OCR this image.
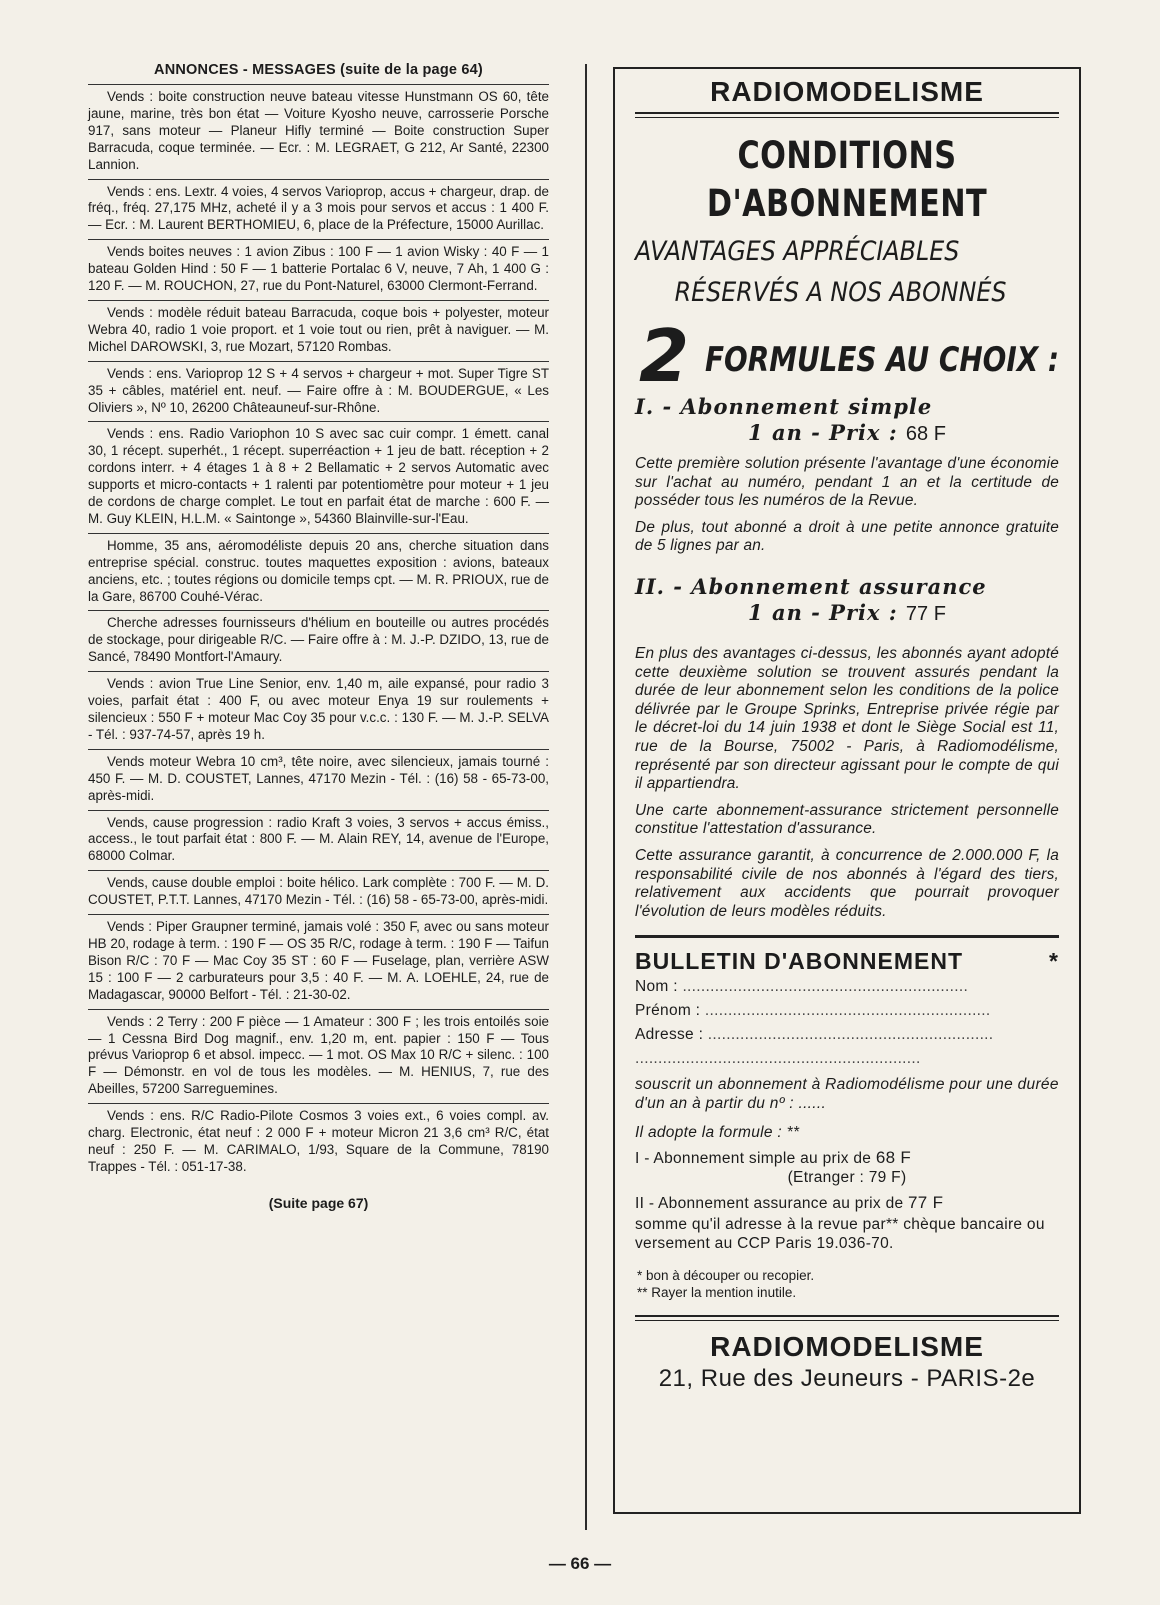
ANNONCES - MESSAGES (suite de la page 64)
Vends : boite construction neuve bateau vitesse Hunstmann OS 60, tête jaune, marine, très bon état — Voiture Kyosho neuve, carrosserie Porsche 917, sans moteur — Planeur Hifly terminé — Boite construction Super Barracuda, coque terminée. — Ecr. : M. LEGRAET, G 212, Ar Santé, 22300 Lannion.
Vends : ens. Lextr. 4 voies, 4 servos Varioprop, accus + chargeur, drap. de fréq., fréq. 27,175 MHz, acheté il y a 3 mois pour servos et accus : 1 400 F. — Ecr. : M. Laurent BERTHOMIEU, 6, place de la Préfecture, 15000 Aurillac.
Vends boites neuves : 1 avion Zibus : 100 F — 1 avion Wisky : 40 F — 1 bateau Golden Hind : 50 F — 1 batterie Portalac 6 V, neuve, 7 Ah, 1 400 G : 120 F. — M. ROUCHON, 27, rue du Pont-Naturel, 63000 Clermont-Ferrand.
Vends : modèle réduit bateau Barracuda, coque bois + polyester, moteur Webra 40, radio 1 voie proport. et 1 voie tout ou rien, prêt à naviguer. — M. Michel DAROWSKI, 3, rue Mozart, 57120 Rombas.
Vends : ens. Varioprop 12 S + 4 servos + chargeur + mot. Super Tigre ST 35 + câbles, matériel ent. neuf. — Faire offre à : M. BOUDERGUE, « Les Oliviers », Nº 10, 26200 Châteauneuf-sur-Rhône.
Vends : ens. Radio Variophon 10 S avec sac cuir compr. 1 émett. canal 30, 1 récept. superhét., 1 récept. superréaction + 1 jeu de batt. réception + 2 cordons interr. + 4 étages 1 à 8 + 2 Bellamatic + 2 servos Automatic avec supports et micro-contacts + 1 ralenti par potentiomètre pour moteur + 1 jeu de cordons de charge complet. Le tout en parfait état de marche : 600 F. — M. Guy KLEIN, H.L.M. « Saintonge », 54360 Blainville-sur-l'Eau.
Homme, 35 ans, aéromodéliste depuis 20 ans, cherche situation dans entreprise spécial. construc. toutes maquettes exposition : avions, bateaux anciens, etc. ; toutes régions ou domicile temps cpt. — M. R. PRIOUX, rue de la Gare, 86700 Couhé-Vérac.
Cherche adresses fournisseurs d'hélium en bouteille ou autres procédés de stockage, pour dirigeable R/C. — Faire offre à : M. J.-P. DZIDO, 13, rue de Sancé, 78490 Montfort-l'Amaury.
Vends : avion True Line Senior, env. 1,40 m, aile expansé, pour radio 3 voies, parfait état : 400 F, ou avec moteur Enya 19 sur roulements + silencieux : 550 F + moteur Mac Coy 35 pour v.c.c. : 130 F. — M. J.-P. SELVA - Tél. : 937-74-57, après 19 h.
Vends moteur Webra 10 cm³, tête noire, avec silencieux, jamais tourné : 450 F. — M. D. COUSTET, Lannes, 47170 Mezin - Tél. : (16) 58 - 65-73-00, après-midi.
Vends, cause progression : radio Kraft 3 voies, 3 servos + accus émiss., access., le tout parfait état : 800 F. — M. Alain REY, 14, avenue de l'Europe, 68000 Colmar.
Vends, cause double emploi : boite hélico. Lark complète : 700 F. — M. D. COUSTET, P.T.T. Lannes, 47170 Mezin - Tél. : (16) 58 - 65-73-00, après-midi.
Vends : Piper Graupner terminé, jamais volé : 350 F, avec ou sans moteur HB 20, rodage à term. : 190 F — OS 35 R/C, rodage à term. : 190 F — Taifun Bison R/C : 70 F — Mac Coy 35 ST : 60 F — Fuselage, plan, verrière ASW 15 : 100 F — 2 carburateurs pour 3,5 : 40 F. — M. A. LOEHLE, 24, rue de Madagascar, 90000 Belfort - Tél. : 21-30-02.
Vends : 2 Terry : 200 F pièce — 1 Amateur : 300 F ; les trois entoilés soie — 1 Cessna Bird Dog magnif., env. 1,20 m, ent. papier : 150 F — Tous prévus Varioprop 6 et absol. impecc. — 1 mot. OS Max 10 R/C + silenc. : 100 F — Démonstr. en vol de tous les modèles. — M. HENIUS, 7, rue des Abeilles, 57200 Sarreguemines.
Vends : ens. R/C Radio-Pilote Cosmos 3 voies ext., 6 voies compl. av. charg. Electronic, état neuf : 2 000 F + moteur Micron 21 3,6 cm³ R/C, état neuf : 250 F. — M. CARIMALO, 1/93, Square de la Commune, 78190 Trappes - Tél. : 051-17-38.
(Suite page 67)
RADIOMODELISME
CONDITIONS
D'ABONNEMENT
AVANTAGES APPRÉCIABLES
RÉSERVÉS A NOS ABONNÉS
2 FORMULES AU CHOIX :
I. - Abonnement simple
1 an - Prix : 68 F
Cette première solution présente l'avantage d'une économie sur l'achat au numéro, pendant 1 an et la certitude de posséder tous les numéros de la Revue.
De plus, tout abonné a droit à une petite annonce gratuite de 5 lignes par an.
II. - Abonnement assurance
1 an - Prix : 77 F
En plus des avantages ci-dessus, les abonnés ayant adopté cette deuxième solution se trouvent assurés pendant la durée de leur abonnement selon les conditions de la police délivrée par le Groupe Sprinks, Entreprise privée régie par le décret-loi du 14 juin 1938 et dont le Siège Social est 11, rue de la Bourse, 75002 - Paris, à Radiomodélisme, représenté par son directeur agissant pour le compte de qui il appartiendra.
Une carte abonnement-assurance strictement personnelle constitue l'attestation d'assurance.
Cette assurance garantit, à concurrence de 2.000.000 F, la responsabilité civile de nos abonnés à l'égard des tiers, relativement aux accidents que pourrait provoquer l'évolution de leurs modèles réduits.
BULLETIN D'ABONNEMENT	*
Nom : ..............................................................
Prénom : ..............................................................
Adresse : ..............................................................
..............................................................
souscrit un abonnement à Radiomodélisme pour une durée d'un an à partir du nº : ......
Il adopte la formule : **
I - Abonnement simple au prix de 68 F
(Etranger : 79 F)
II - Abonnement assurance au prix de 77 F
somme qu'il adresse à la revue par** chèque bancaire ou versement au CCP Paris 19.036-70.
* bon à découper ou recopier.
** Rayer la mention inutile.
RADIOMODELISME
21, Rue des Jeuneurs - PARIS-2e
— 66 —
